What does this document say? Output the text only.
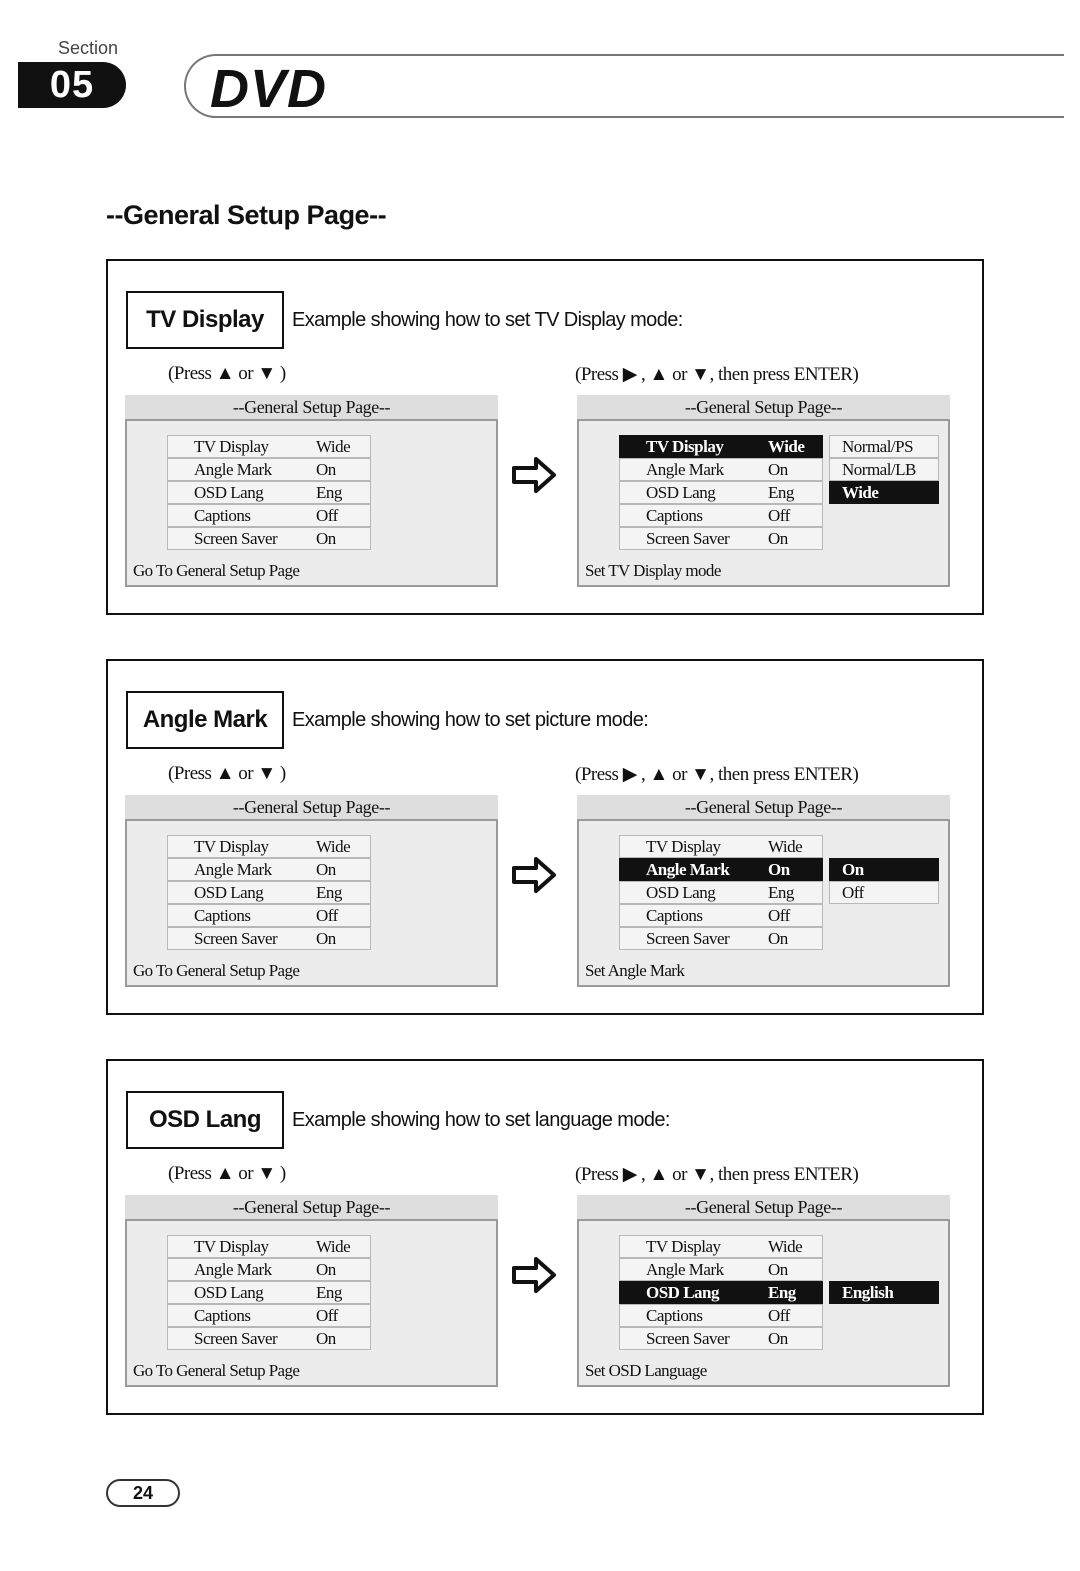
Section
05	DVD
--General Setup Page--
TV Display	Example showing how to set TV Display mode:
(Press ▲ or ▼ )	(Press ▶ , ▲ or ▼, then press ENTER)
--General Setup Page--
TV Display	Wide
Angle Mark	On
OSD Lang	Eng
Captions	Off
Screen Saver	On
Go To General Setup Page
--General Setup Page--
TV Display	Wide
Angle Mark	On
OSD Lang	Eng
Captions	Off
Screen Saver	On
Normal/PS
Normal/LB
Wide
Set TV Display mode
Angle Mark	Example showing how to set picture mode:
(Press ▲ or ▼ )	(Press ▶ , ▲ or ▼, then press ENTER)
--General Setup Page--
TV Display	Wide
Angle Mark	On
OSD Lang	Eng
Captions	Off
Screen Saver	On
Go To General Setup Page
--General Setup Page--
TV Display	Wide
Angle Mark	On
OSD Lang	Eng
Captions	Off
Screen Saver	On
On
Off
Set Angle Mark
OSD Lang	Example showing how to set language mode:
(Press ▲ or ▼ )	(Press ▶ , ▲ or ▼, then press ENTER)
--General Setup Page--
TV Display	Wide
Angle Mark	On
OSD Lang	Eng
Captions	Off
Screen Saver	On
Go To General Setup Page
--General Setup Page--
TV Display	Wide
Angle Mark	On
OSD Lang	Eng
Captions	Off
Screen Saver	On
English
Set OSD Language
24
